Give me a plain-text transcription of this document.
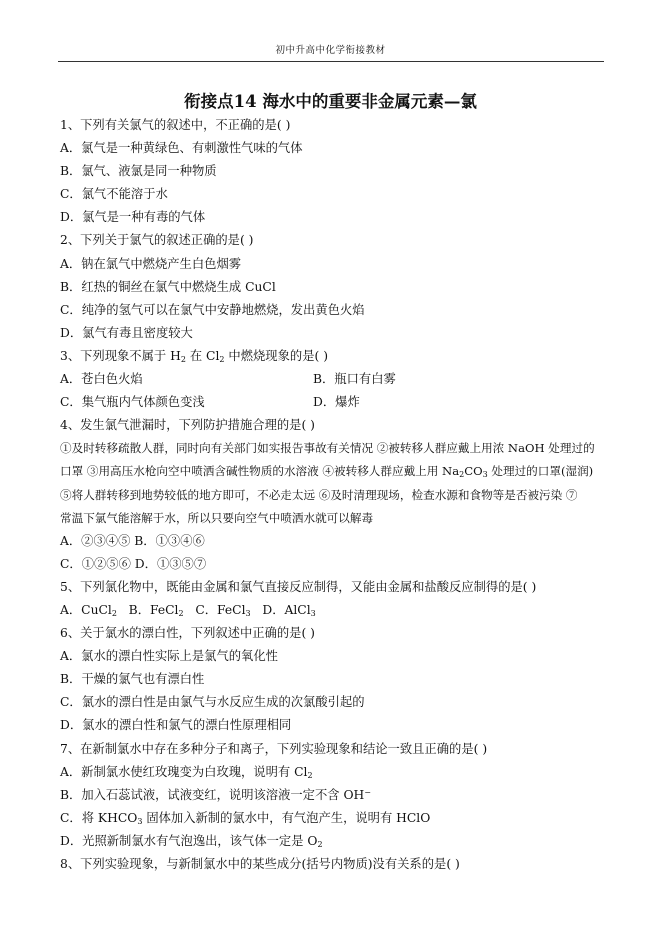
初中升高中化学衔接教材
衔接点14 海水中的重要非金属元素—氯
1、下列有关氯气的叙述中，不正确的是( )
A．氯气是一种黄绿色、有刺激性气味的气体
B．氯气、液氯是同一种物质
C．氯气不能溶于水
D．氯气是一种有毒的气体
2、下列关于氯气的叙述正确的是( )
A．钠在氯气中燃烧产生白色烟雾
B．红热的铜丝在氯气中燃烧生成 CuCl
C．纯净的氢气可以在氯气中安静地燃烧，发出黄色火焰
D．氯气有毒且密度较大
3、下列现象不属于 $H_2$ 在 $Cl_2$ 中燃烧现象的是( )
A．苍白色火焰	B．瓶口有白雾
C．集气瓶内气体颜色变浅	D．爆炸
4、发生氯气泄漏时，下列防护措施合理的是( )
①及时转移疏散人群，同时向有关部门如实报告事故有关情况 ②被转移人群应戴上用浓 NaOH 处理过的
口罩 ③用高压水枪向空中喷洒含碱性物质的水溶液 ④被转移人群应戴上用 $Na_2CO_3$ 处理过的口罩(湿润)
⑤将人群转移到地势较低的地方即可，不必走太远 ⑥及时清理现场，检查水源和食物等是否被污染 ⑦
常温下氯气能溶解于水，所以只要向空气中喷洒水就可以解毒
A．②③④⑤ B．①③④⑥
C．①②⑤⑥ D．①③⑤⑦
5、下列氯化物中，既能由金属和氯气直接反应制得，又能由金属和盐酸反应制得的是( )
A．CuCl$_2$   B．FeCl$_2$   C．FeCl$_3$   D．AlCl$_3$
6、关于氯水的漂白性，下列叙述中正确的是( )
A．氯水的漂白性实际上是氯气的氧化性
B．干燥的氯气也有漂白性
C．氯水的漂白性是由氯气与水反应生成的次氯酸引起的
D．氯水的漂白性和氯气的漂白性原理相同
7、在新制氯水中存在多种分子和离子，下列实验现象和结论一致且正确的是( )
A．新制氯水使红玫瑰变为白玫瑰，说明有 $Cl_2$
B．加入石蕊试液，试液变红，说明该溶液一定不含 OH−
C．将 $KHCO_3$ 固体加入新制的氯水中，有气泡产生，说明有 HClO
D．光照新制氯水有气泡逸出，该气体一定是 $O_2$
8、下列实验现象，与新制氯水中的某些成分(括号内物质)没有关系的是( )
